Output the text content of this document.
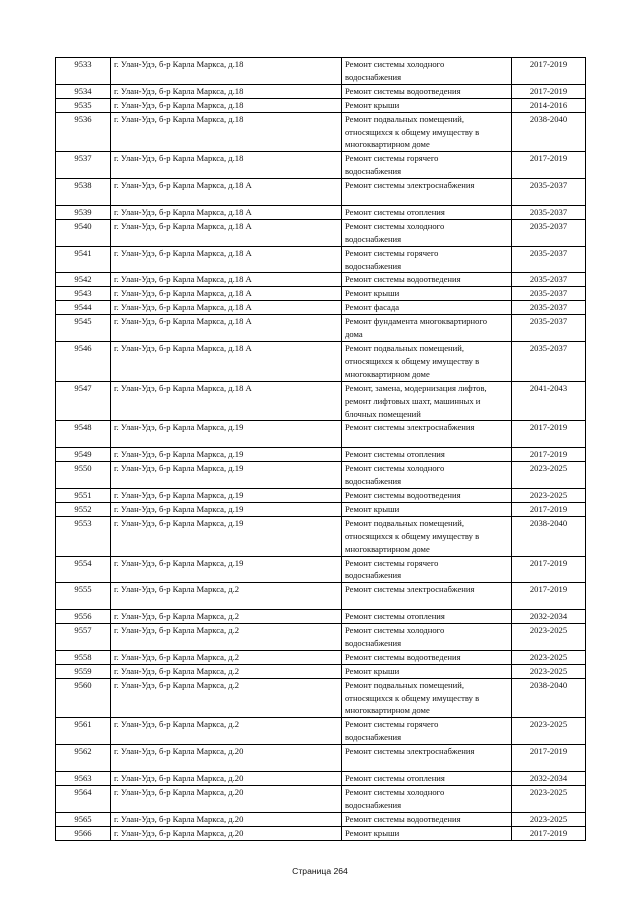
9533	г. Улан-Удэ, б-р Карла Маркса, д.18	Ремонт системы холодного
водоснабжения	2017-2019
9534	г. Улан-Удэ, б-р Карла Маркса, д.18	Ремонт системы водоотведения	2017-2019
9535	г. Улан-Удэ, б-р Карла Маркса, д.18	Ремонт крыши	2014-2016
9536	г. Улан-Удэ, б-р Карла Маркса, д.18	Ремонт подвальных помещений,
относящихся к общему имуществу в
многоквартирном доме	2038-2040
9537	г. Улан-Удэ, б-р Карла Маркса, д.18	Ремонт системы горячего
водоснабжения	2017-2019
9538	г. Улан-Удэ, б-р Карла Маркса, д.18 А	Ремонт системы электроснабжения	2035-2037
9539	г. Улан-Удэ, б-р Карла Маркса, д.18 А	Ремонт системы отопления	2035-2037
9540	г. Улан-Удэ, б-р Карла Маркса, д.18 А	Ремонт системы холодного
водоснабжения	2035-2037
9541	г. Улан-Удэ, б-р Карла Маркса, д.18 А	Ремонт системы горячего
водоснабжения	2035-2037
9542	г. Улан-Удэ, б-р Карла Маркса, д.18 А	Ремонт системы водоотведения	2035-2037
9543	г. Улан-Удэ, б-р Карла Маркса, д.18 А	Ремонт крыши	2035-2037
9544	г. Улан-Удэ, б-р Карла Маркса, д.18 А	Ремонт фасада	2035-2037
9545	г. Улан-Удэ, б-р Карла Маркса, д.18 А	Ремонт фундамента многоквартирного
дома	2035-2037
9546	г. Улан-Удэ, б-р Карла Маркса, д.18 А	Ремонт подвальных помещений,
относящихся к общему имуществу в
многоквартирном доме	2035-2037
9547	г. Улан-Удэ, б-р Карла Маркса, д.18 А	Ремонт, замена, модернизация лифтов,
ремонт лифтовых шахт, машинных и
блочных помещений	2041-2043
9548	г. Улан-Удэ, б-р Карла Маркса, д.19	Ремонт системы электроснабжения	2017-2019
9549	г. Улан-Удэ, б-р Карла Маркса, д.19	Ремонт системы отопления	2017-2019
9550	г. Улан-Удэ, б-р Карла Маркса, д.19	Ремонт системы холодного
водоснабжения	2023-2025
9551	г. Улан-Удэ, б-р Карла Маркса, д.19	Ремонт системы водоотведения	2023-2025
9552	г. Улан-Удэ, б-р Карла Маркса, д.19	Ремонт крыши	2017-2019
9553	г. Улан-Удэ, б-р Карла Маркса, д.19	Ремонт подвальных помещений,
относящихся к общему имуществу в
многоквартирном доме	2038-2040
9554	г. Улан-Удэ, б-р Карла Маркса, д.19	Ремонт системы горячего
водоснабжения	2017-2019
9555	г. Улан-Удэ, б-р Карла Маркса, д.2	Ремонт системы электроснабжения	2017-2019
9556	г. Улан-Удэ, б-р Карла Маркса, д.2	Ремонт системы отопления	2032-2034
9557	г. Улан-Удэ, б-р Карла Маркса, д.2	Ремонт системы холодного
водоснабжения	2023-2025
9558	г. Улан-Удэ, б-р Карла Маркса, д.2	Ремонт системы водоотведения	2023-2025
9559	г. Улан-Удэ, б-р Карла Маркса, д.2	Ремонт крыши	2023-2025
9560	г. Улан-Удэ, б-р Карла Маркса, д.2	Ремонт подвальных помещений,
относящихся к общему имуществу в
многоквартирном доме	2038-2040
9561	г. Улан-Удэ, б-р Карла Маркса, д.2	Ремонт системы горячего
водоснабжения	2023-2025
9562	г. Улан-Удэ, б-р Карла Маркса, д.20	Ремонт системы электроснабжения	2017-2019
9563	г. Улан-Удэ, б-р Карла Маркса, д.20	Ремонт системы отопления	2032-2034
9564	г. Улан-Удэ, б-р Карла Маркса, д.20	Ремонт системы холодного
водоснабжения	2023-2025
9565	г. Улан-Удэ, б-р Карла Маркса, д.20	Ремонт системы водоотведения	2023-2025
9566	г. Улан-Удэ, б-р Карла Маркса, д.20	Ремонт крыши	2017-2019
Страница 264
